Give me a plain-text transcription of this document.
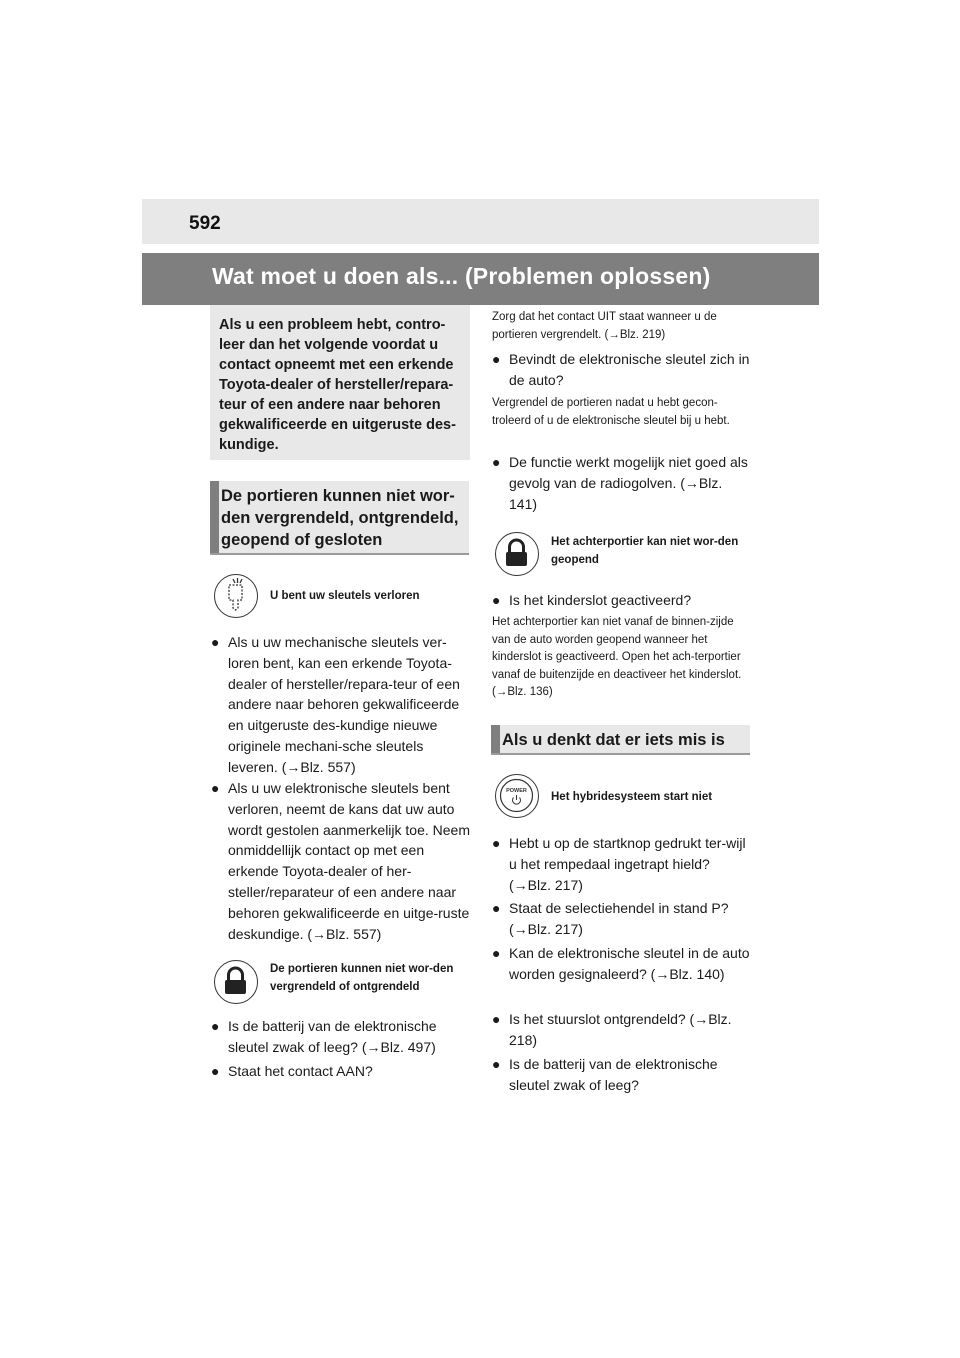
592
Wat moet u doen als... (Problemen oplossen)
Als u een probleem hebt, contro-leer dan het volgende voordat u contact opneemt met een erkende Toyota-dealer of hersteller/repara-teur of een andere naar behoren gekwalificeerde en uitgeruste des-kundige.
De portieren kunnen niet wor-den vergrendeld, ontgrendeld, geopend of gesloten
U bent uw sleutels verloren
● Als u uw mechanische sleutels ver-loren bent, kan een erkende Toyota-dealer of hersteller/repara-teur of een andere naar behoren gekwalificeerde en uitgeruste des-kundige nieuwe originele mechani-sche sleutels leveren. (→Blz. 557)
● Als u uw elektronische sleutels bent verloren, neemt de kans dat uw auto wordt gestolen aanmerkelijk toe. Neem onmiddellijk contact op met een erkende Toyota-dealer of her-steller/reparateur of een andere naar behoren gekwalificeerde en uitge-ruste deskundige. (→Blz. 557)
De portieren kunnen niet wor-den vergrendeld of ontgrendeld
● Is de batterij van de elektronische sleutel zwak of leeg? (→Blz. 497)
● Staat het contact AAN?
Zorg dat het contact UIT staat wanneer u de portieren vergrendelt. (→Blz. 219)
● Bevindt de elektronische sleutel zich in de auto?
Vergrendel de portieren nadat u hebt gecon-troleerd of u de elektronische sleutel bij u hebt.
● De functie werkt mogelijk niet goed als gevolg van de radiogolven. (→Blz. 141)
Het achterportier kan niet wor-den geopend
● Is het kinderslot geactiveerd?
Het achterportier kan niet vanaf de binnen-zijde van de auto worden geopend wanneer het kinderslot is geactiveerd. Open het ach-terportier vanaf de buitenzijde en deactiveer het kinderslot. (→Blz. 136)
Als u denkt dat er iets mis is
POWER	Het hybridesysteem start niet
● Hebt u op de startknop gedrukt ter-wijl u het rempedaal ingetrapt hield? (→Blz. 217)
● Staat de selectiehendel in stand P? (→Blz. 217)
● Kan de elektronische sleutel in de auto worden gesignaleerd? (→Blz. 140)
● Is het stuurslot ontgrendeld? (→Blz. 218)
● Is de batterij van de elektronische sleutel zwak of leeg?
